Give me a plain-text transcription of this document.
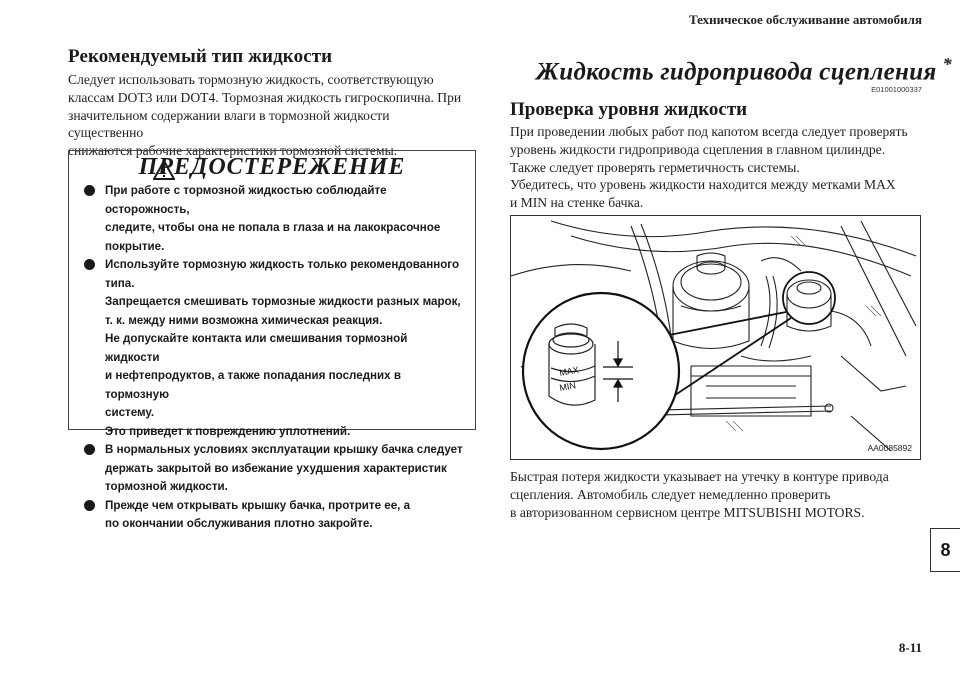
Техническое обслуживание автомобиля
Рекомендуемый тип жидкости
Следует использовать тормозную жидкость, соответствующую
классам DOT3 или DOT4. Тормозная жидкость гигроскопична. При
значительном содержании влаги в тормозной жидкости существенно
снижаются рабочие характеристики тормозной системы.
ПРЕДОСТЕРЕЖЕНИЕ
При работе с тормозной жидкостью соблюдайте осторожность,
следите, чтобы она не попала в глаза и на лакокрасочное
покрытие.
Используйте тормозную жидкость только рекомендованного
типа.
Запрещается смешивать тормозные жидкости разных марок,
т. к. между ними возможна химическая реакция.
Не допускайте контакта или смешивания тормозной жидкости
и нефтепродуктов, а также попадания последних в тормозную
систему.
Это приведет к повреждению уплотнений.
В нормальных условиях эксплуатации крышку бачка следует
держать закрытой во избежание ухудшения характеристик
тормозной жидкости.
Прежде чем открывать крышку бачка, протрите ее, а
по окончании обслуживания плотно закройте.
Жидкость гидропривода сцепления *
E01001000337
Проверка уровня жидкости
При проведении любых работ под капотом всегда следует проверять
уровень жидкости гидропривода сцепления в главном цилиндре.
Также следует проверять герметичность системы.
Убедитесь, что уровень жидкости находится между метками MAX
и MIN на стенке бачка.
MAX
MIN
AA0085892
Быстрая потеря жидкости указывает на утечку в контуре привода
сцепления. Автомобиль следует немедленно проверить
в авторизованном сервисном центре MITSUBISHI MOTORS.
8
8-11
